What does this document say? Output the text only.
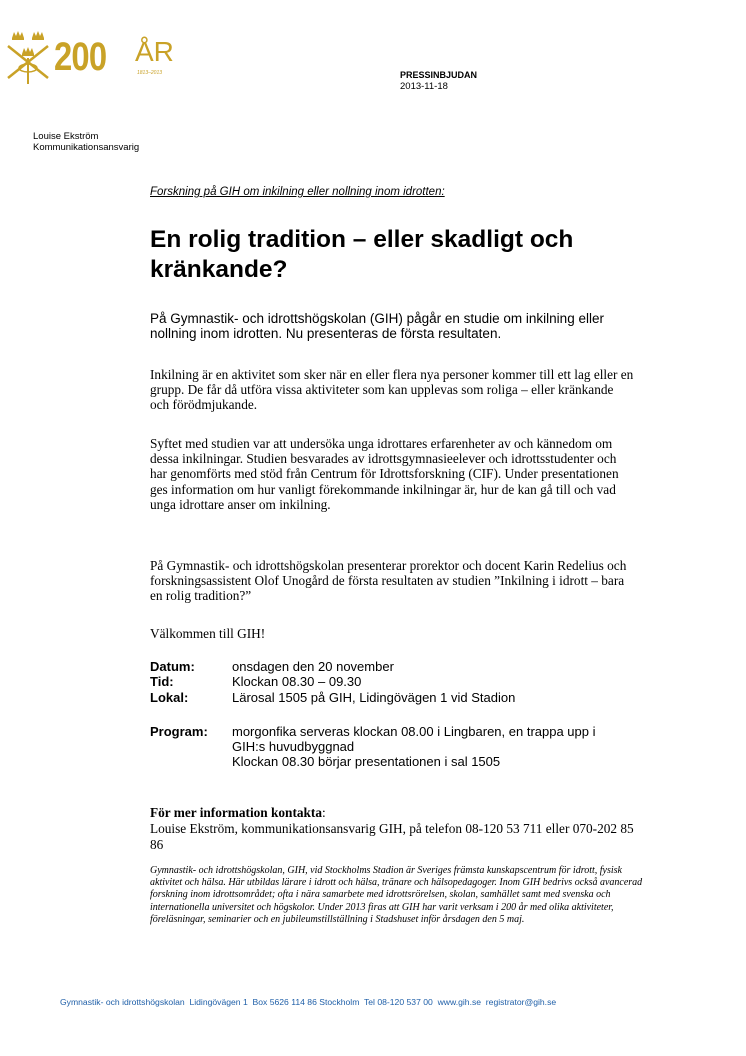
200 ÅR
1813–2013	PRESSINBJUDAN
2013-11-18
Louise Ekström
Kommunikationsansvarig
Forskning på GIH om inkilning eller nollning inom idrotten:
En rolig tradition – eller skadligt och kränkande?
På Gymnastik- och idrottshögskolan (GIH) pågår en studie om inkilning eller nollning inom idrotten. Nu presenteras de första resultaten.
Inkilning är en aktivitet som sker när en eller flera nya personer kommer till ett lag eller en grupp. De får då utföra vissa aktiviteter som kan upplevas som roliga – eller kränkande och förödmjukande.
Syftet med studien var att undersöka unga idrottares erfarenheter av och kännedom om dessa inkilningar. Studien besvarades av idrottsgymnasieelever och idrottsstudenter och har genomförts med stöd från Centrum för Idrottsforskning (CIF). Under presentationen ges information om hur vanligt förekommande inkilningar är, hur de kan gå till och vad unga idrottare anser om inkilning.
På Gymnastik- och idrottshögskolan presenterar prorektor och docent Karin Redelius och forskningsassistent Olof Unogård de första resultaten av studien ”Inkilning i idrott – bara en rolig tradition?”
Välkommen till GIH!
Datum:	onsdagen den 20 november
Tid:	Klockan 08.30 – 09.30
Lokal:	Lärosal 1505 på GIH, Lidingövägen 1 vid Stadion
Program: morgonfika serveras klockan 08.00 i Lingbaren, en trappa upp i
GIH:s huvudbyggnad
Klockan 08.30 börjar presentationen i sal 1505
För mer information kontakta:
Louise Ekström, kommunikationsansvarig GIH, på telefon 08-120 53 711 eller 070-202 85 86
Gymnastik- och idrottshögskolan, GIH, vid Stockholms Stadion är Sveriges främsta kunskapscentrum för idrott, fysisk aktivitet och hälsa. Här utbildas lärare i idrott och hälsa, tränare och hälsopedagoger. Inom GIH bedrivs också avancerad forskning inom idrottsområdet; ofta i nära samarbete med idrottsrörelsen, skolan, samhället samt med svenska och internationella universitet och högskolor. Under 2013 firas att GIH har varit verksam i 200 år med olika aktiviteter, föreläsningar, seminarier och en jubileumstillställning i Stadshuset inför årsdagen den 5 maj.
Gymnastik- och idrottshögskolan  Lidingövägen 1  Box 5626 114 86 Stockholm  Tel 08-120 537 00  www.gih.se  registrator@gih.se
